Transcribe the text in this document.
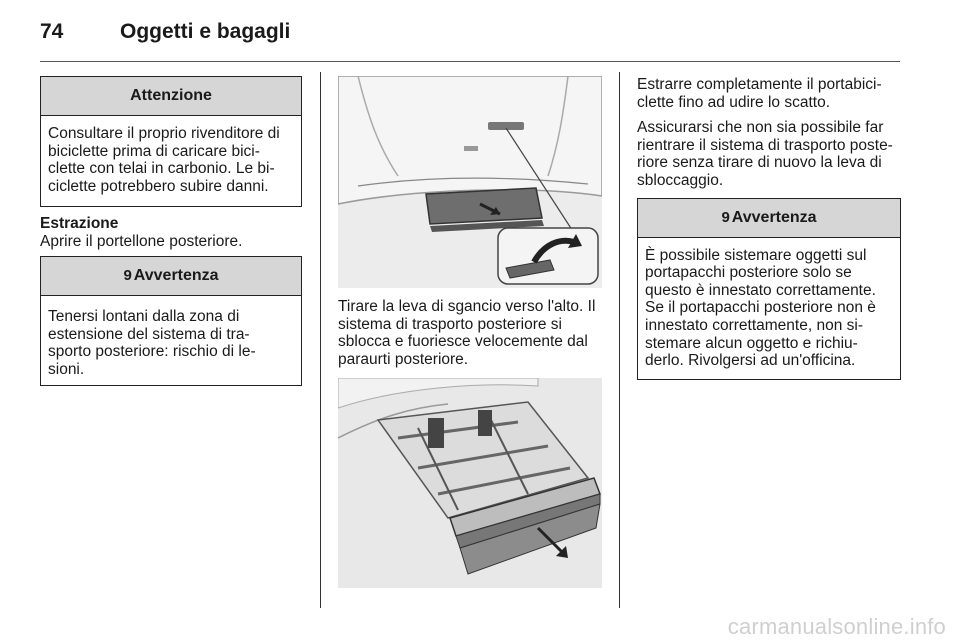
74	Oggetti e bagagli
Attenzione

Consultare il proprio rivenditore di

biciclette prima di caricare bici-

clette con telai in carbonio. Le bi-

ciclette potrebbero subire danni.

Estrazione

Aprire il portellone posteriore.

9 Avvertenza

Tenersi lontani dalla zona di

estensione del sistema di tra-

sporto posteriore: rischio di le-

sioni.

Tirare la leva di sgancio verso l'alto. Il

sistema di trasporto posteriore si

sblocca e fuoriesce velocemente dal

paraurti posteriore.

Estrarre completamente il portabici-

clette fino ad udire lo scatto.

Assicurarsi che non sia possibile far

rientrare il sistema di trasporto poste-

riore senza tirare di nuovo la leva di

sbloccaggio.

9 Avvertenza

È possibile sistemare oggetti sul

portapacchi posteriore solo se

questo è innestato correttamente.

Se il portapacchi posteriore non è

innestato correttamente, non si-

stemare alcun oggetto e richiu-

derlo. Rivolgersi ad un'officina.

carmanualsonline.info
